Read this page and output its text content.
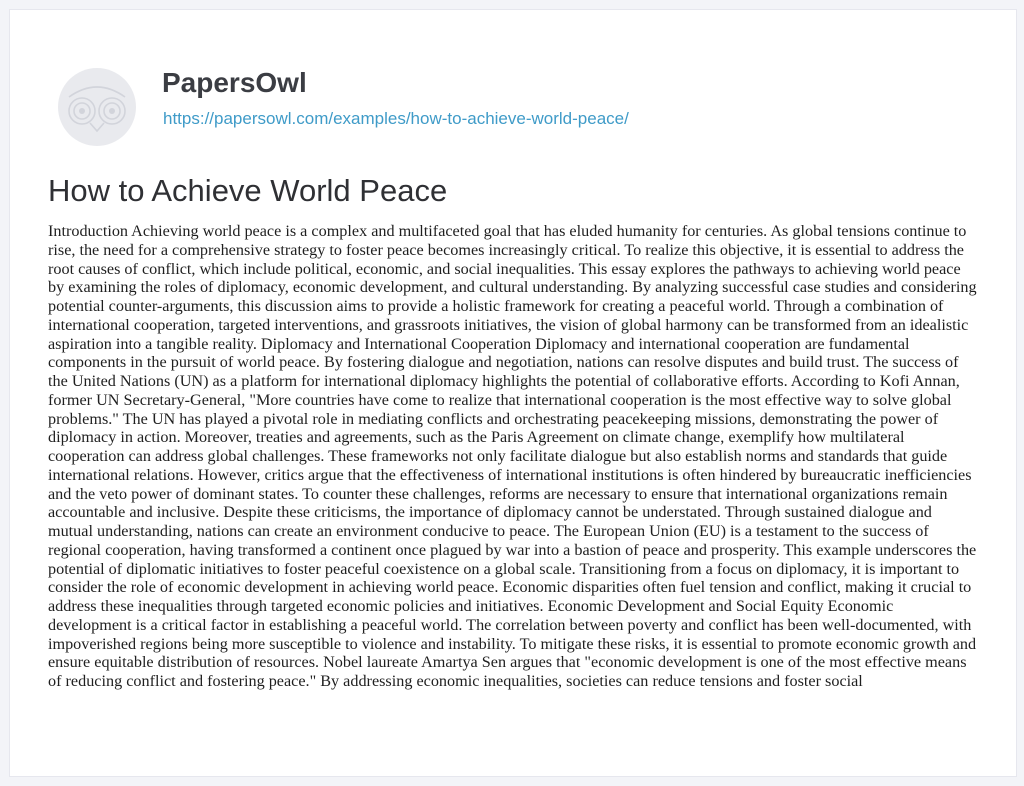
PapersOwl
https://papersowl.com/examples/how-to-achieve-world-peace/
How to Achieve World Peace

Introduction Achieving world peace is a complex and multifaceted goal that has eluded humanity for centuries. As global tensions continue to rise, the need for a comprehensive strategy to foster peace becomes increasingly critical. To realize this objective, it is essential to address the root causes of conflict, which include political, economic, and social inequalities. This essay explores the pathways to achieving world peace by examining the roles of diplomacy, economic development, and cultural understanding. By analyzing successful case studies and considering potential counter-arguments, this discussion aims to provide a holistic framework for creating a peaceful world. Through a combination of international cooperation, targeted interventions, and grassroots initiatives, the vision of global harmony can be transformed from an idealistic aspiration into a tangible reality. Diplomacy and International Cooperation Diplomacy and international cooperation are fundamental components in the pursuit of world peace. By fostering dialogue and negotiation, nations can resolve disputes and build trust. The success of the United Nations (UN) as a platform for international diplomacy highlights the potential of collaborative efforts. According to Kofi Annan, former UN Secretary-General, "More countries have come to realize that international cooperation is the most effective way to solve global problems." The UN has played a pivotal role in mediating conflicts and orchestrating peacekeeping missions, demonstrating the power of diplomacy in action. Moreover, treaties and agreements, such as the Paris Agreement on climate change, exemplify how multilateral cooperation can address global challenges. These frameworks not only facilitate dialogue but also establish norms and standards that guide international relations. However, critics argue that the effectiveness of international institutions is often hindered by bureaucratic inefficiencies and the veto power of dominant states. To counter these challenges, reforms are necessary to ensure that international organizations remain accountable and inclusive. Despite these criticisms, the importance of diplomacy cannot be understated. Through sustained dialogue and mutual understanding, nations can create an environment conducive to peace. The European Union (EU) is a testament to the success of regional cooperation, having transformed a continent once plagued by war into a bastion of peace and prosperity. This example underscores the potential of diplomatic initiatives to foster peaceful coexistence on a global scale. Transitioning from a focus on diplomacy, it is important to consider the role of economic development in achieving world peace. Economic disparities often fuel tension and conflict, making it crucial to address these inequalities through targeted economic policies and initiatives. Economic Development and Social Equity Economic development is a critical factor in establishing a peaceful world. The correlation between poverty and conflict has been well-documented, with impoverished regions being more susceptible to violence and instability. To mitigate these risks, it is essential to promote economic growth and ensure equitable distribution of resources. Nobel laureate Amartya Sen argues that "economic development is one of the most effective means of reducing conflict and fostering peace." By addressing economic inequalities, societies can reduce tensions and foster social
